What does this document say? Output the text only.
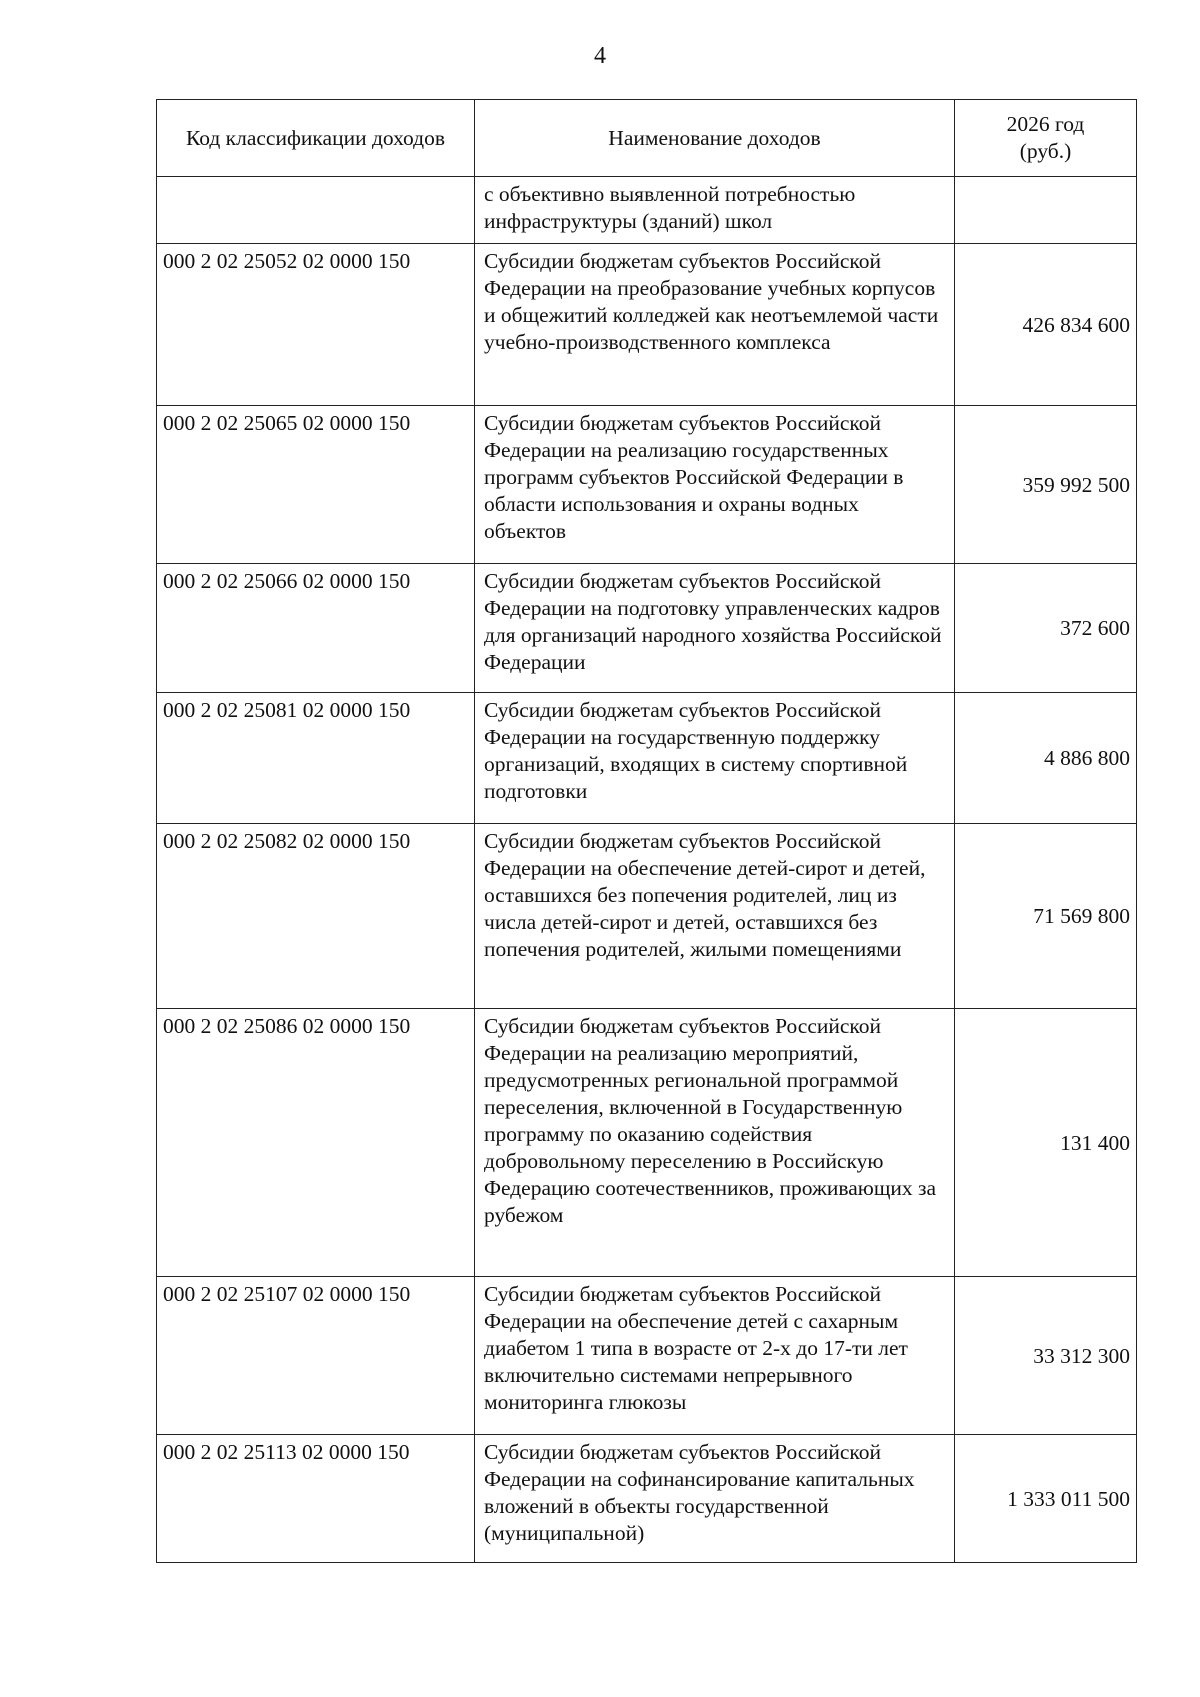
4
Код классификации доходов	Наименование доходов	2026 год
(руб.)
	с объективно выявленной потребностью инфраструктуры (зданий) школ	
000 2 02 25052 02 0000 150	Субсидии бюджетам субъектов Российской Федерации на преобразование учебных корпусов и общежитий колледжей как неотъемлемой части учебно-производственного комплекса	426 834 600
000 2 02 25065 02 0000 150	Субсидии бюджетам субъектов Российской Федерации на реализацию государственных программ субъектов Российской Федерации в области использования и охраны водных объектов	359 992 500
000 2 02 25066 02 0000 150	Субсидии бюджетам субъектов Российской Федерации на подготовку управленческих кадров для организаций народного хозяйства Российской Федерации	372 600
000 2 02 25081 02 0000 150	Субсидии бюджетам субъектов Российской Федерации на государственную поддержку организаций, входящих в систему спортивной подготовки	4 886 800
000 2 02 25082 02 0000 150	Субсидии бюджетам субъектов Российской Федерации на обеспечение детей-сирот и детей, оставшихся без попечения родителей, лиц из числа детей-сирот и детей, оставшихся без попечения родителей, жилыми помещениями	71 569 800
000 2 02 25086 02 0000 150	Субсидии бюджетам субъектов Российской Федерации на реализацию мероприятий, предусмотренных региональной программой переселения, включенной в Государственную программу по оказанию содействия добровольному переселению в Российскую Федерацию соотечественников, проживающих за рубежом	131 400
000 2 02 25107 02 0000 150	Субсидии бюджетам субъектов Российской Федерации на обеспечение детей с сахарным диабетом 1 типа в возрасте от 2-х до 17-ти лет включительно системами непрерывного мониторинга глюкозы	33 312 300
000 2 02 25113 02 0000 150	Субсидии бюджетам субъектов Российской Федерации на софинансирование капитальных вложений в объекты государственной (муниципальной)	1 333 011 500
